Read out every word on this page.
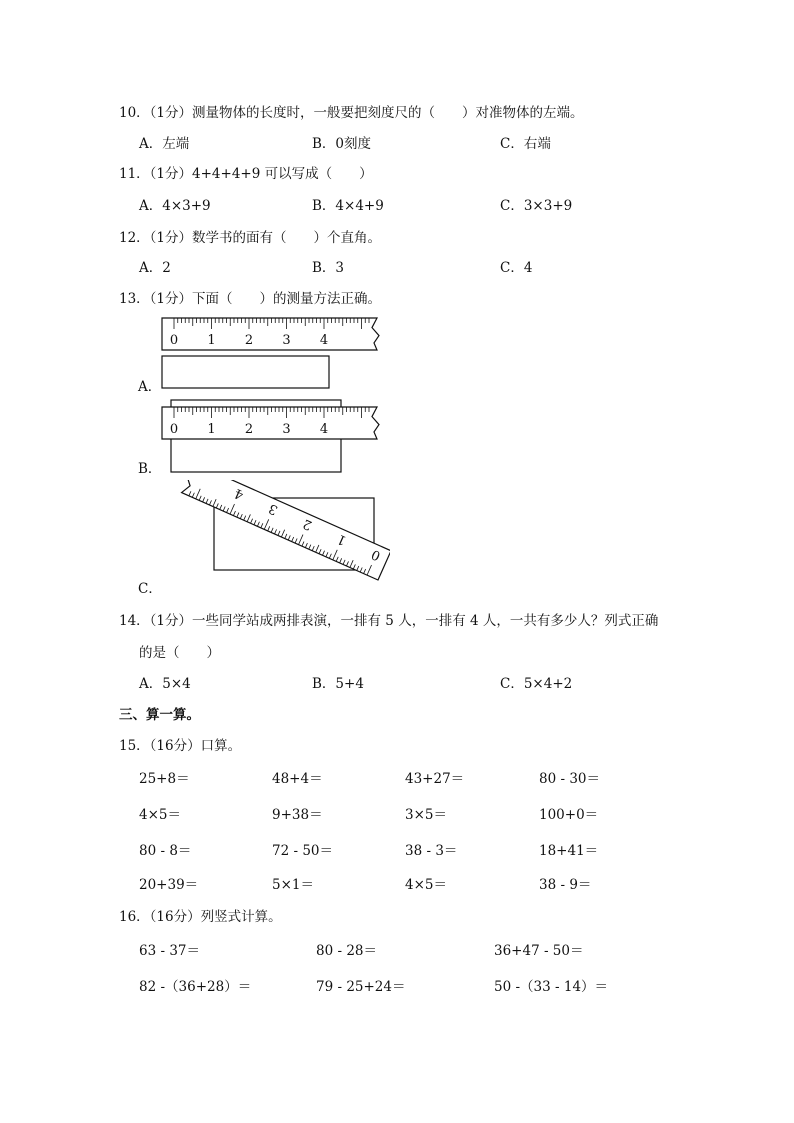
10．（1分）测量物体的长度时，一般要把刻度尺的（　　）对准物体的左端。
A．左端	B．0刻度	C．右端
11．（1分）4+4+4+9 可以写成（　　）
A．4×3+9	B．4×4+9	C．3×3+9
12．（1分）数学书的面有（　　）个直角。
A．2	B．3	C．4
13．（1分）下面（　　）的测量方法正确。
0 1 2 3 4
A．
0 1 2 3 4
B．
0
1
2
3
4
C．
14．（1分）一些同学站成两排表演，一排有 5 人，一排有 4 人，一共有多少人？列式正确
的是（　　）
A．5×4	B．5+4	C．5×4+2
三、算一算。
15．（16分）口算。
25+8＝	48+4＝	43+27＝	80 - 30＝
4×5＝	9+38＝	3×5＝	100+0＝
80 - 8＝	72 - 50＝	38 - 3＝	18+41＝
20+39＝	5×1＝	4×5＝	38 - 9＝
16．（16分）列竖式计算。
63 - 37＝	80 - 28＝	36+47 - 50＝
82 -（36+28）＝	79 - 25+24＝	50 -（33 - 14）＝
